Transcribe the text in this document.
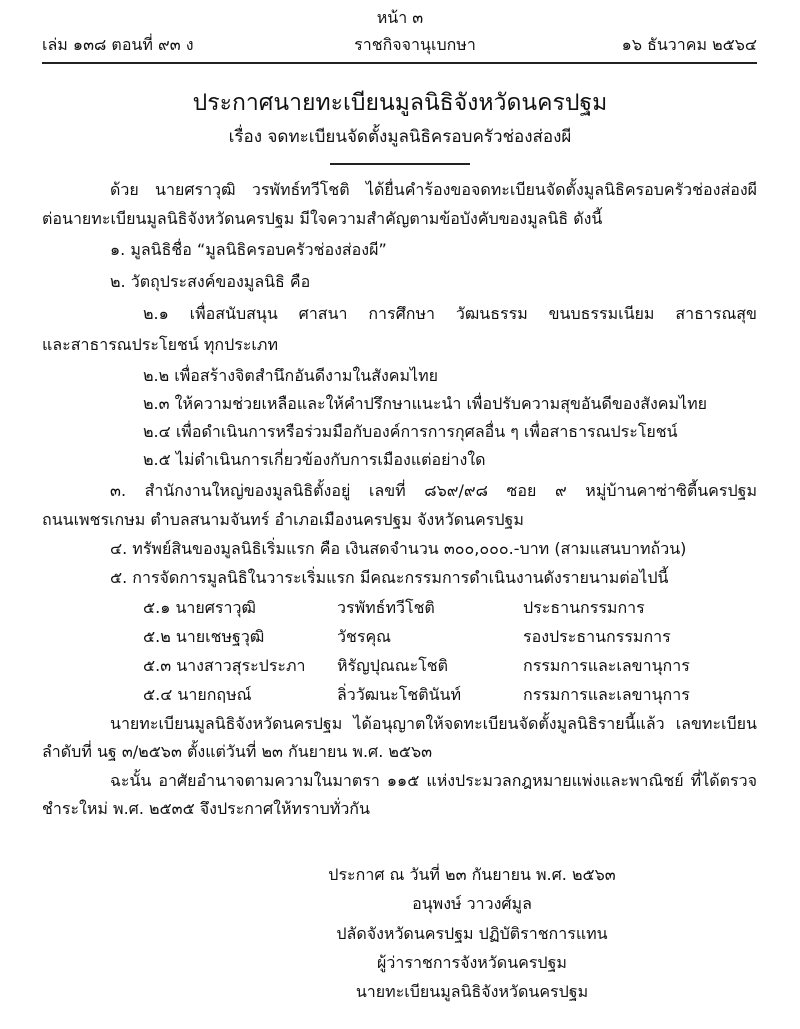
หน้า ๓
เล่ม ๑๓๘ ตอนที่ ๙๓ ง	ราชกิจจานุเบกษา	๑๖ ธันวาคม ๒๕๖๔
ประกาศนายทะเบียนมูลนิธิจังหวัดนครปฐม
เรื่อง จดทะเบียนจัดตั้งมูลนิธิครอบครัวช่องส่องผี
ด้วย นายศราวุฒิ วรพัทธ์ทวีโชติ ได้ยื่นคำร้องขอจดทะเบียนจัดตั้งมูลนิธิครอบครัวช่องส่องผี
ต่อนายทะเบียนมูลนิธิจังหวัดนครปฐม มีใจความสำคัญตามข้อบังคับของมูลนิธิ ดังนี้
๑. มูลนิธิชื่อ “มูลนิธิครอบครัวช่องส่องผี”
๒. วัตถุประสงค์ของมูลนิธิ คือ
๒.๑ เพื่อสนับสนุน ศาสนา การศึกษา วัฒนธรรม ขนบธรรมเนียม สาธารณสุข
และสาธารณประโยชน์ ทุกประเภท
๒.๒ เพื่อสร้างจิตสำนึกอันดีงามในสังคมไทย
๒.๓ ให้ความช่วยเหลือและให้คำปรึกษาแนะนำ เพื่อปรับความสุขอันดีของสังคมไทย
๒.๔ เพื่อดำเนินการหรือร่วมมือกับองค์การการกุศลอื่น ๆ เพื่อสาธารณประโยชน์
๒.๕ ไม่ดำเนินการเกี่ยวข้องกับการเมืองแต่อย่างใด
๓. สำนักงานใหญ่ของมูลนิธิตั้งอยู่ เลขที่ ๘๖๙/๙๘ ซอย ๙ หมู่บ้านคาซ่าซิตี้นครปฐม
ถนนเพชรเกษม ตำบลสนามจันทร์ อำเภอเมืองนครปฐม จังหวัดนครปฐม
๔. ทรัพย์สินของมูลนิธิเริ่มแรก คือ เงินสดจำนวน ๓๐๐,๐๐๐.-บาท (สามแสนบาทถ้วน)
๕. การจัดการมูลนิธิในวาระเริ่มแรก มีคณะกรรมการดำเนินงานดังรายนามต่อไปนี้
๕.๑ นายศราวุฒิ	วรพัทธ์ทวีโชติ	ประธานกรรมการ
๕.๒ นายเชษฐวุฒิ	วัชรคุณ	รองประธานกรรมการ
๕.๓ นางสาวสุระประภา หิรัญปุณณะโชติ	กรรมการและเลขานุการ
๕.๔ นายกฤษณ์	ลิ่ววัฒนะโชตินันท์	กรรมการและเลขานุการ
นายทะเบียนมูลนิธิจังหวัดนครปฐม ได้อนุญาตให้จดทะเบียนจัดตั้งมูลนิธิรายนี้แล้ว เลขทะเบียน
ลำดับที่ นฐ ๓/๒๕๖๓ ตั้งแต่วันที่ ๒๓ กันยายน พ.ศ. ๒๕๖๓
ฉะนั้น อาศัยอำนาจตามความในมาตรา ๑๑๕ แห่งประมวลกฎหมายแพ่งและพาณิชย์ ที่ได้ตรวจ
ชำระใหม่ พ.ศ. ๒๕๓๕ จึงประกาศให้ทราบทั่วกัน
ประกาศ ณ วันที่ ๒๓ กันยายน พ.ศ. ๒๕๖๓
อนุพงษ์ วาวงศ์มูล
ปลัดจังหวัดนครปฐม ปฏิบัติราชการแทน
ผู้ว่าราชการจังหวัดนครปฐม
นายทะเบียนมูลนิธิจังหวัดนครปฐม
